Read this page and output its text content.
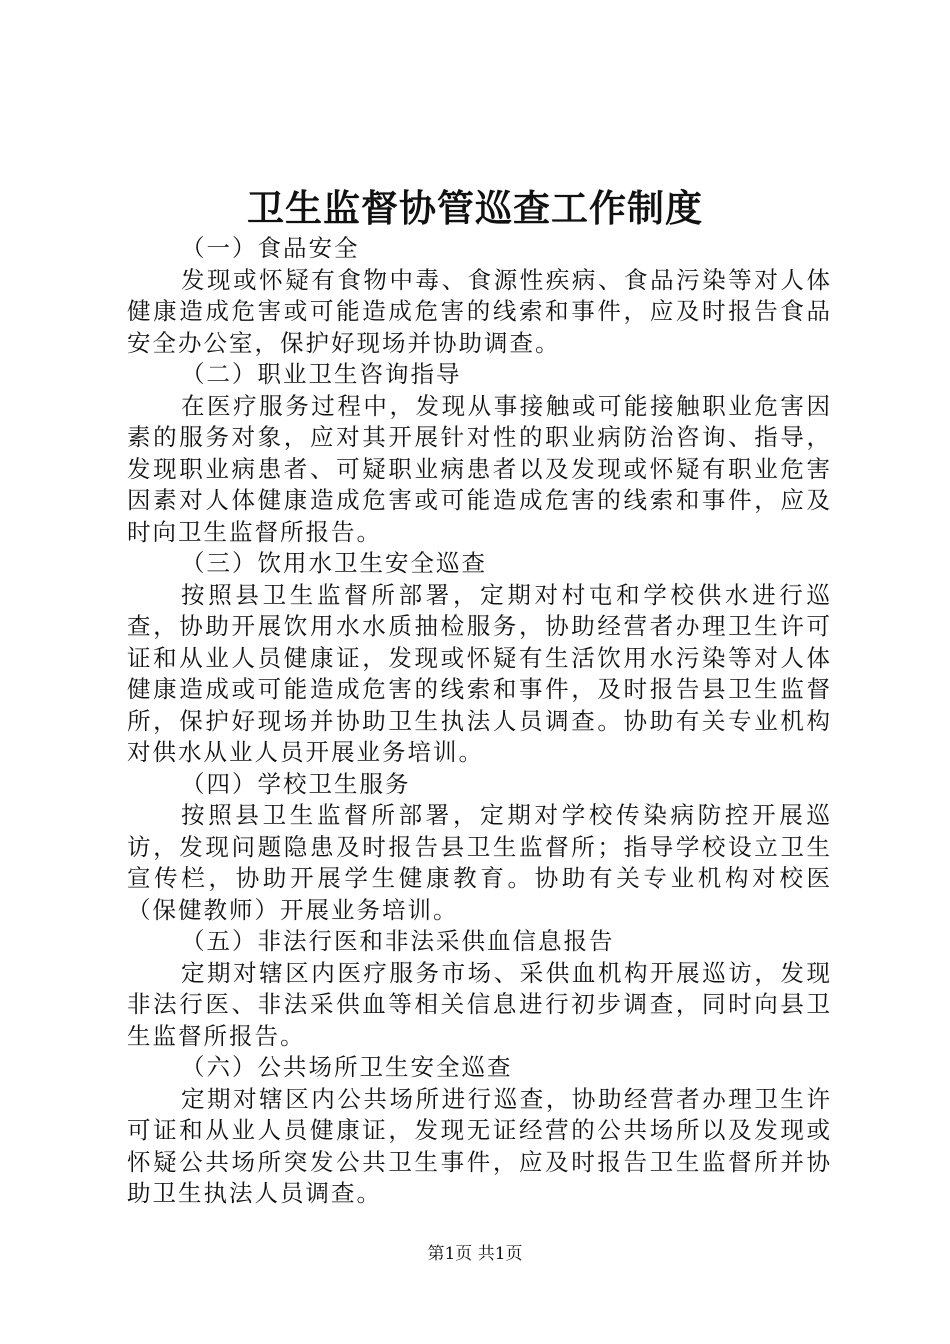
卫生监督协管巡查工作制度

（一）食品安全

发现或怀疑有食物中毒、食源性疾病、食品污染等对人体健康造成危害或可能造成危害的线索和事件，应及时报告食品安全办公室，保护好现场并协助调查。

（二）职业卫生咨询指导

在医疗服务过程中，发现从事接触或可能接触职业危害因素的服务对象，应对其开展针对性的职业病防治咨询、指导，发现职业病患者、可疑职业病患者以及发现或怀疑有职业危害因素对人体健康造成危害或可能造成危害的线索和事件，应及时向卫生监督所报告。

（三）饮用水卫生安全巡查

按照县卫生监督所部署，定期对村屯和学校供水进行巡查，协助开展饮用水水质抽检服务，协助经营者办理卫生许可证和从业人员健康证，发现或怀疑有生活饮用水污染等对人体健康造成或可能造成危害的线索和事件，及时报告县卫生监督所，保护好现场并协助卫生执法人员调查。协助有关专业机构对供水从业人员开展业务培训。

（四）学校卫生服务

按照县卫生监督所部署，定期对学校传染病防控开展巡访，发现问题隐患及时报告县卫生监督所；指导学校设立卫生宣传栏，协助开展学生健康教育。协助有关专业机构对校医（保健教师）开展业务培训。

（五）非法行医和非法采供血信息报告

定期对辖区内医疗服务市场、采供血机构开展巡访，发现非法行医、非法采供血等相关信息进行初步调查，同时向县卫生监督所报告。

（六）公共场所卫生安全巡查

定期对辖区内公共场所进行巡查，协助经营者办理卫生许可证和从业人员健康证，发现无证经营的公共场所以及发现或怀疑公共场所突发公共卫生事件，应及时报告卫生监督所并协助卫生执法人员调查。

第1页 共1页
